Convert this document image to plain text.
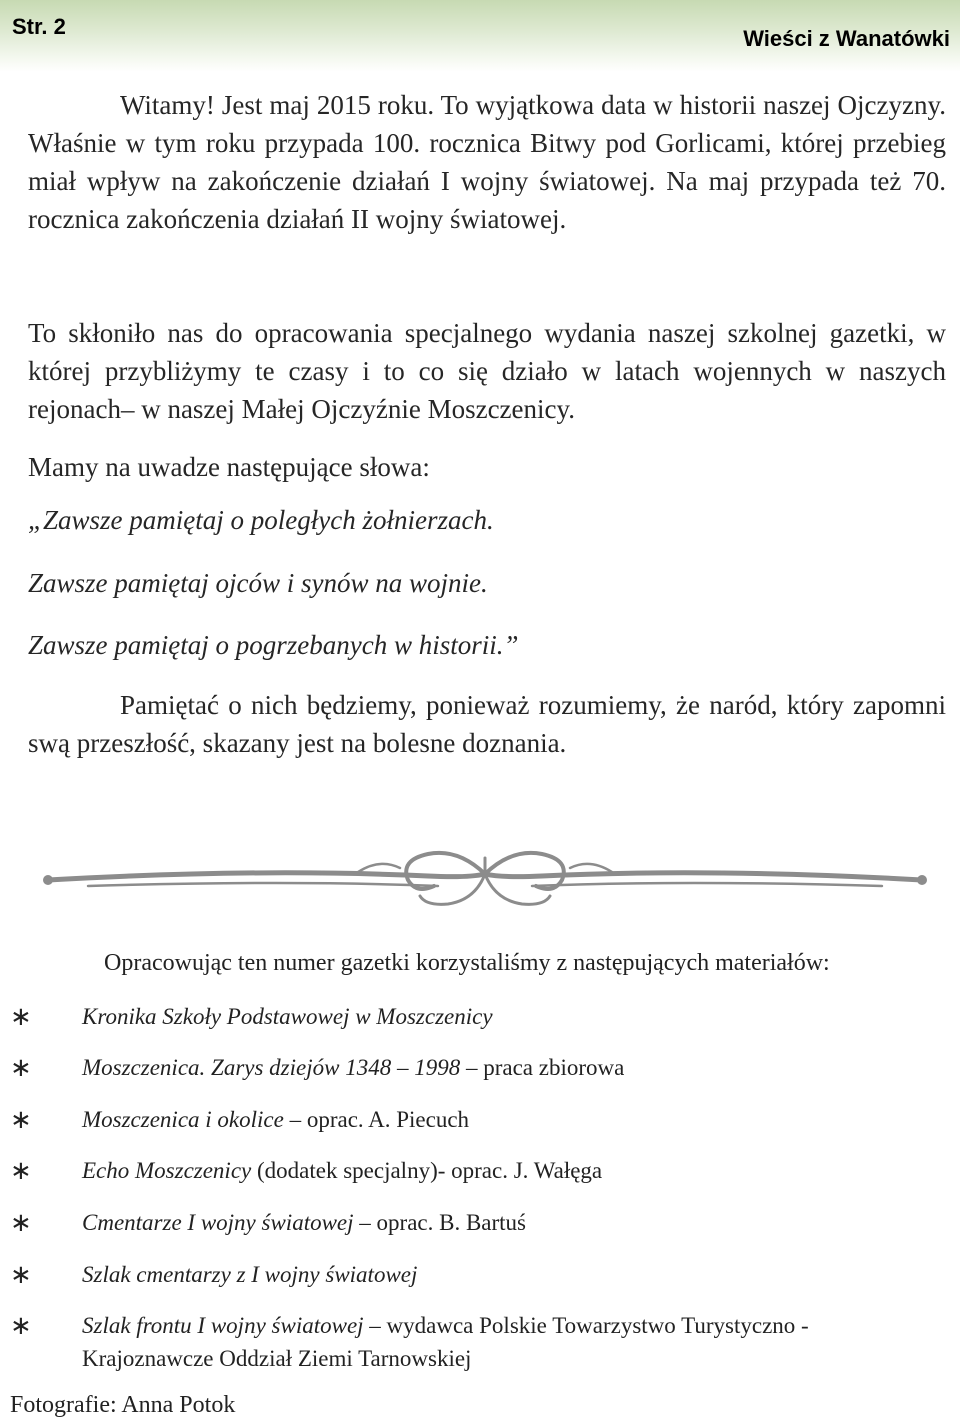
Str. 2	Wieści z Wanatówki
Witamy! Jest maj 2015 roku. To wyjątkowa data w historii naszej Ojczyzny. Właśnie w tym roku przypada 100. rocznica Bitwy pod Gorlicami, której przebieg miał wpływ na zakończenie działań I wojny światowej. Na maj przypada też 70. rocznica zakończenia działań II wojny światowej.
To skłoniło nas do opracowania specjalnego wydania naszej szkolnej gazetki, w której przybliżymy te czasy i to co się działo w latach wojennych w naszych rejonach– w naszej Małej Ojczyźnie Moszczenicy.
Mamy na uwadze następujące słowa:
„Zawsze pamiętaj o poległych żołnierzach.
Zawsze pamiętaj ojców i synów na wojnie.
Zawsze pamiętaj o pogrzebanych w historii.”
Pamiętać o nich będziemy, ponieważ rozumiemy, że naród, który zapomni swą przeszłość, skazany jest na bolesne doznania.
Opracowując ten numer gazetki korzystaliśmy z następujących materiałów:
∗ Kronika Szkoły Podstawowej w Moszczenicy
∗ Moszczenica. Zarys dziejów 1348 – 1998 – praca zbiorowa
∗ Moszczenica i okolice – oprac. A. Piecuch
∗ Echo Moszczenicy (dodatek specjalny)- oprac. J. Wałęga
∗ Cmentarze I wojny światowej – oprac. B. Bartuś
∗ Szlak cmentarzy z I wojny światowej
∗ Szlak frontu I wojny światowej – wydawca Polskie Towarzystwo Turystyczno - Krajoznawcze Oddział Ziemi Tarnowskiej
Fotografie: Anna Potok
